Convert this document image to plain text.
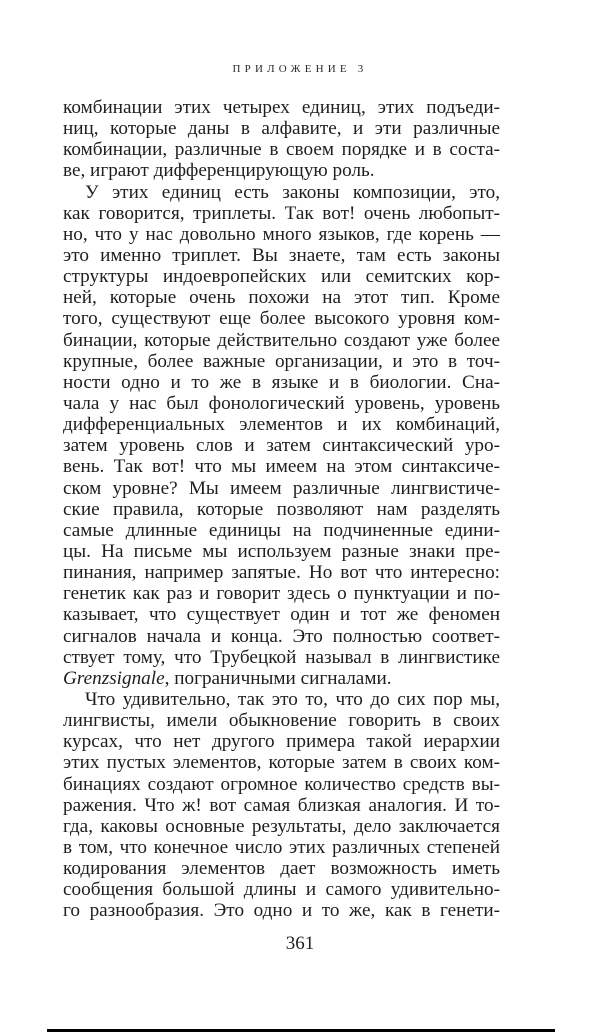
ПРИЛОЖЕНИЕ 3
комбинации этих четырех единиц, этих подъеди-
ниц, которые даны в алфавите, и эти различные
комбинации, различные в своем порядке и в соста-
ве, играют дифференцирующую роль.
У этих единиц есть законы композиции, это,
как говорится, триплеты. Так вот! очень любопыт-
но, что у нас довольно много языков, где корень —
это именно триплет. Вы знаете, там есть законы
структуры индоевропейских или семитских кор-
ней, которые очень похожи на этот тип. Кроме
того, существуют еще более высокого уровня ком-
бинации, которые действительно создают уже более
крупные, более важные организации, и это в точ-
ности одно и то же в языке и в биологии. Сна-
чала у нас был фонологический уровень, уровень
дифференциальных элементов и их комбинаций,
затем уровень слов и затем синтаксический уро-
вень. Так вот! что мы имеем на этом синтаксиче-
ском уровне? Мы имеем различные лингвистиче-
ские правила, которые позволяют нам разделять
самые длинные единицы на подчиненные едини-
цы. На письме мы используем разные знаки пре-
пинания, например запятые. Но вот что интересно:
генетик как раз и говорит здесь о пунктуации и по-
казывает, что существует один и тот же феномен
сигналов начала и конца. Это полностью соответ-
ствует тому, что Трубецкой называл в лингвистике
Grenzsignale, пограничными сигналами.
Что удивительно, так это то, что до сих пор мы,
лингвисты, имели обыкновение говорить в своих
курсах, что нет другого примера такой иерархии
этих пустых элементов, которые затем в своих ком-
бинациях создают огромное количество средств вы-
ражения. Что ж! вот самая близкая аналогия. И то-
гда, каковы основные результаты, дело заключается
в том, что конечное число этих различных степеней
кодирования элементов дает возможность иметь
сообщения большой длины и самого удивительно-
го разнообразия. Это одно и то же, как в генети-
361
